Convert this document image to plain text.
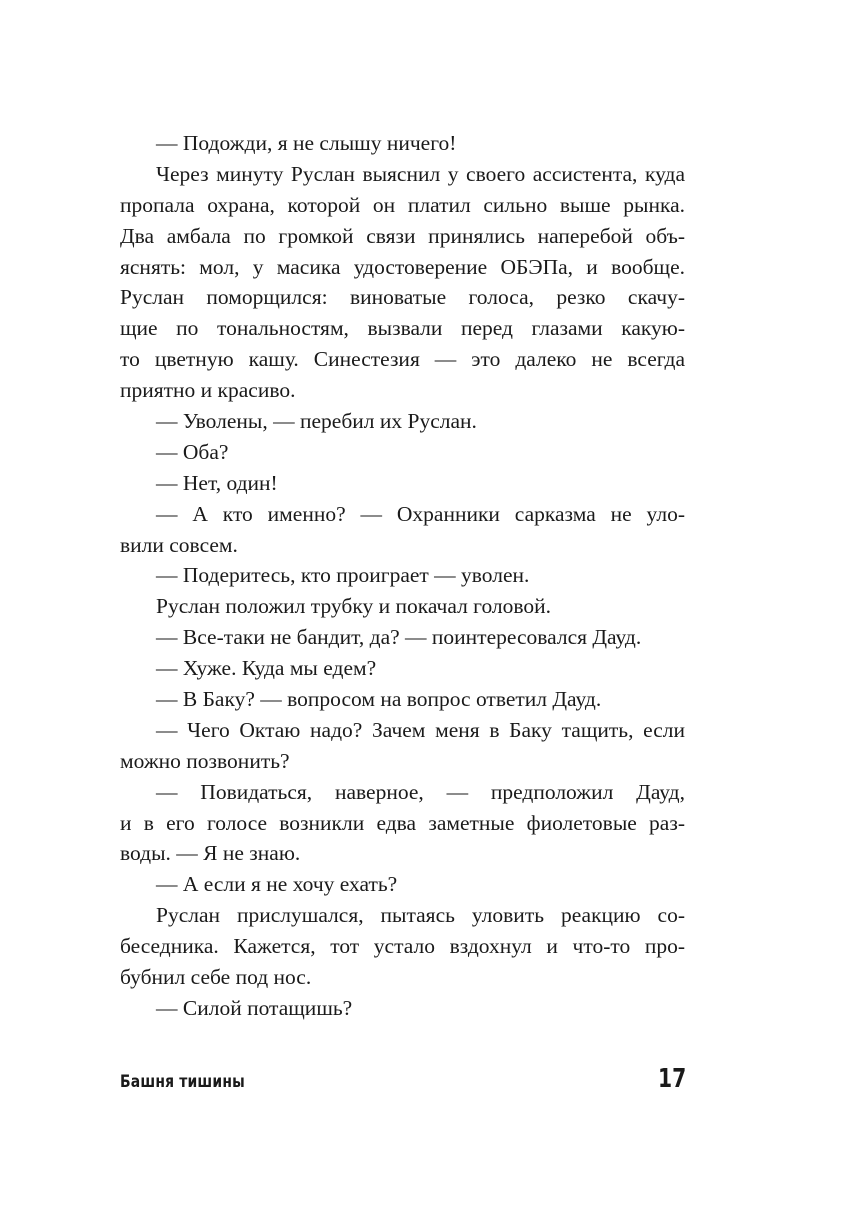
— Подожди, я не слышу ничего!
Через минуту Руслан выяснил у своего ассистента, куда
пропала охрана, которой он платил сильно выше рынка.
Два амбала по громкой связи принялись наперебой объ-
яснять: мол, у масика удостоверение ОБЭПа, и вообще.
Руслан поморщился: виноватые голоса, резко скачу-
щие по тональностям, вызвали перед глазами какую-
то цветную кашу. Синестезия — это далеко не всегда
приятно и красиво.
— Уволены, — перебил их Руслан.
— Оба?
— Нет, один!
— А кто именно? — Охранники сарказма не уло-
вили совсем.
— Подеритесь, кто проиграет — уволен.
Руслан положил трубку и покачал головой.
— Все-таки не бандит, да? — поинтересовался Дауд.
— Хуже. Куда мы едем?
— В Баку? — вопросом на вопрос ответил Дауд.
— Чего Октаю надо? Зачем меня в Баку тащить, если
можно позвонить?
— Повидаться, наверное, — предположил Дауд,
и в его голосе возникли едва заметные фиолетовые раз-
воды. — Я не знаю.
— А если я не хочу ехать?
Руслан прислушался, пытаясь уловить реакцию со-
беседника. Кажется, тот устало вздохнул и что-то про-
бубнил себе под нос.
— Силой потащишь?
Башня тишины	17
